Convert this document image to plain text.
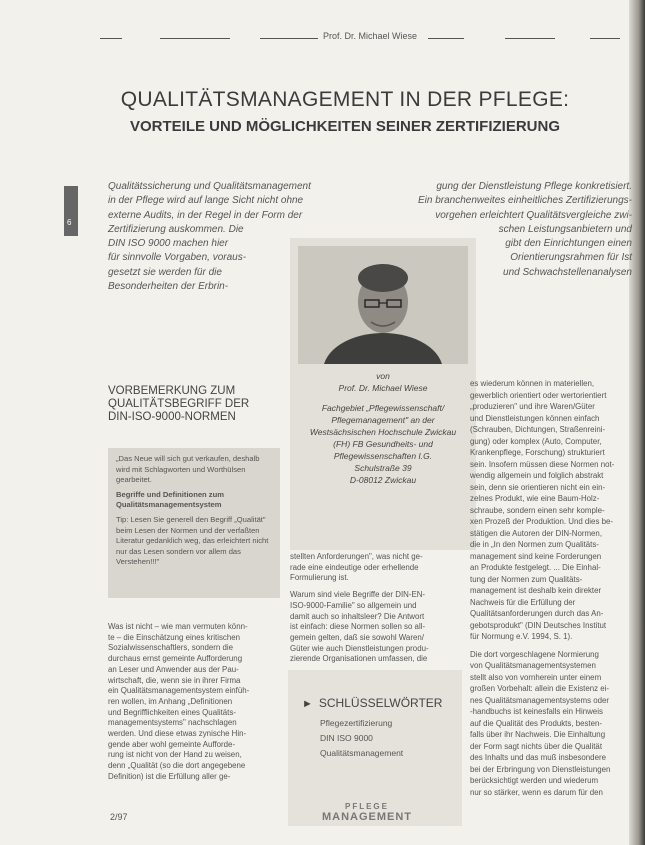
Prof. Dr. Michael Wiese
QUALITÄTSMANAGEMENT IN DER PFLEGE:
VORTEILE UND MÖGLICHKEITEN SEINER ZERTIFIZIERUNG
6
Qualitätssicherung und Qualitätsmanagement
in der Pflege wird auf lange Sicht nicht ohne
externe Audits, in der Regel in der Form der
Zertifizierung auskommen. Die
DIN ISO 9000 machen hier
für sinnvolle Vorgaben, voraus-
gesetzt sie werden für die
Besonderheiten der Erbrin-
gung der Dienstleistung Pflege konkretisiert.
Ein branchenweites einheitliches Zertifizierungs-
vorgehen erleichtert Qualitätsvergleiche zwi-
schen Leistungsanbietern und
gibt den Einrichtungen einen
Orientierungsrahmen für Ist
und Schwachstellenanalysen
von
Prof. Dr. Michael Wiese
Fachgebiet „Pflegewissenschaft/
Pflegemanagement" an der
Westsächsischen Hochschule Zwickau
(FH) FB Gesundheits- und
Pflegewissenschaften I.G.
Schulstraße 39
D-08012 Zwickau
VORBEMERKUNG ZUM
QUALITÄTSBEGRIFF DER
DIN-ISO-9000-NORMEN

„Das Neue will sich gut verkaufen, deshalb wird mit Schlagworten und Worthülsen gearbeitet.

Begriffe und Definitionen zum Qualitätsmanagementsystem

Tip: Lesen Sie generell den Begriff „Qualität" beim Lesen der Normen und der verfaßten Literatur gedanklich weg, das erleichtert nicht nur das Lesen sondern vor allem das Verstehen!!!"

Was ist nicht – wie man vermuten könn-
te – die Einschätzung eines kritischen
Sozialwissenschaftlers, sondern die
durchaus ernst gemeinte Aufforderung
an Leser und Anwender aus der Pau-
wirtschaft, die, wenn sie in ihrer Firma
ein Qualitätsmanagementsystem einfüh-
ren wollen, im Anhang „Definitionen
und Begrifflichkeiten eines Qualitäts-
managementsystems" nachschlagen
werden. Und diese etwas zynische Hin-
gende aber wohl gemeinte Aufforde-
rung ist nicht von der Hand zu weisen,
denn „Qualität (so die dort angegebene
Definition) ist die Erfüllung aller ge-
stellten Anforderungen", was nicht ge-
rade eine eindeutige oder erhellende
Formulierung ist.
Warum sind viele Begriffe der DIN-EN-
ISO-9000-Familie" so allgemein und
damit auch so inhaltsleer? Die Antwort
ist einfach: diese Normen sollen so all-
gemein gelten, daß sie sowohl Waren/
Güter wie auch Dienstleistungen produ-
zierende Organisationen umfassen, die
es wiederum können in materiellen,
gewerblich orientiert oder wertorientiert
„produzieren" und ihre Waren/Güter
und Dienstleistungen können einfach
(Schrauben, Dichtungen, Straßenreini-
gung) oder komplex (Auto, Computer,
Krankenpflege, Forschung) strukturiert
sein. Insofern müssen diese Normen not-
wendig allgemein und folglich abstrakt
sein, denn sie orientieren nicht ein ein-
zelnes Produkt, wie eine Baum-Holz-
schraube, sondern einen sehr komple-
xen Prozeß der Produktion. Und dies be-
stätigen die Autoren der DIN-Normen,
die in „In den Normen zum Qualitäts-
management sind keine Forderungen
an Produkte festgelegt. ... Die Einhal-
tung der Normen zum Qualitäts-
management ist deshalb kein direkter
Nachweis für die Erfüllung der
Qualitätsanforderungen durch das An-
gebotsprodukt" (DIN Deutsches Institut
für Normung e.V. 1994, S. 1).
Die dort vorgeschlagene Normierung
von Qualitätsmanagementsystemen
stellt also von vornherein unter einem
großen Vorbehalt: allein die Existenz ei-
nes Qualitätsmanagementsystems oder
-handbuchs ist keinesfalls ein Hinweis
auf die Qualität des Produkts, besten-
falls über ihr Nachweis. Die Einhaltung
der Form sagt nichts über die Qualität
des Inhalts und das muß insbesondere
bei der Erbringung von Dienstleistungen
berücksichtigt werden und wiederum
nur so stärker, wenn es darum für den
► SCHLÜSSELWÖRTER
Pflegezertifizierung
DIN ISO 9000
Qualitätsmanagement
2/97
PFLEGE
MANAGEMENT
